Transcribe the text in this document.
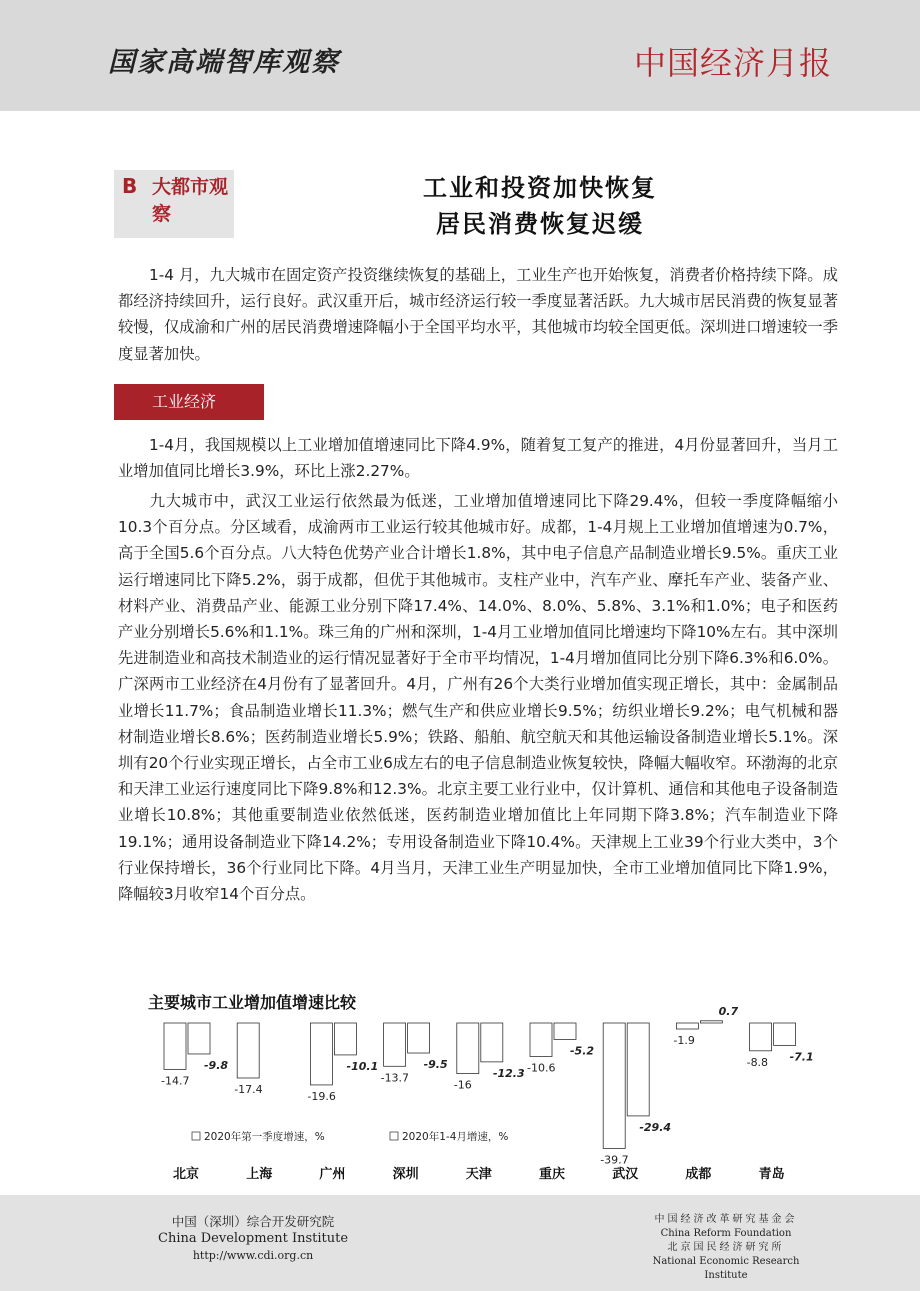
国家高端智库观察	中国经济月报
B 大都市观察
工业和投资加快恢复
居民消费恢复迟缓

1-4 月，九大城市在固定资产投资继续恢复的基础上，工业生产也开始恢复，消费者价格持续下降。成都经济持续回升，运行良好。武汉重开后，城市经济运行较一季度显著活跃。九大城市居民消费的恢复显著较慢，仅成渝和广州的居民消费增速降幅小于全国平均水平，其他城市均较全国更低。深圳进口增速较一季度显著加快。

工业经济

1-4月，我国规模以上工业增加值增速同比下降4.9%，随着复工复产的推进，4月份显著回升，当月工业增加值同比增长3.9%，环比上涨2.27%。

九大城市中，武汉工业运行依然最为低迷，工业增加值增速同比下降29.4%，但较一季度降幅缩小10.3个百分点。分区域看，成渝两市工业运行较其他城市好。成都，1-4月规上工业增加值增速为0.7%，高于全国5.6个百分点。八大特色优势产业合计增长1.8%，其中电子信息产品制造业增长9.5%。重庆工业运行增速同比下降5.2%，弱于成都，但优于其他城市。支柱产业中，汽车产业、摩托车产业、装备产业、材料产业、消费品产业、能源工业分别下降17.4%、14.0%、8.0%、5.8%、3.1%和1.0%；电子和医药产业分别增长5.6%和1.1%。珠三角的广州和深圳，1-4月工业增加值同比增速均下降10%左右。其中深圳先进制造业和高技术制造业的运行情况显著好于全市平均情况，1-4月增加值同比分别下降6.3%和6.0%。广深两市工业经济在4月份有了显著回升。4月，广州有26个大类行业增加值实现正增长，其中：金属制品业增长11.7%；食品制造业增长11.3%；燃气生产和供应业增长9.5%；纺织业增长9.2%；电气机械和器材制造业增长8.6%；医药制造业增长5.9%；铁路、船舶、航空航天和其他运输设备制造业增长5.1%。深圳有20个行业实现正增长，占全市工业6成左右的电子信息制造业恢复较快，降幅大幅收窄。环渤海的北京和天津工业运行速度同比下降9.8%和12.3%。北京主要工业行业中，仅计算机、通信和其他电子设备制造业增长10.8%；其他重要制造业依然低迷，医药制造业增加值比上年同期下降3.8%；汽车制造业下降19.1%；通用设备制造业下降14.2%；专用设备制造业下降10.4%。天津规上工业39个行业大类中，3个行业保持增长，36个行业同比下降。4月当月，天津工业生产明显加快，全市工业增加值同比下降1.9%，降幅较3月收窄14个百分点。

主要城市工业增加值增速比较
-14.7
-9.8
北京
-17.4
上海
-19.6
-10.1
广州
-13.7
-9.5
深圳
-16
-12.3
天津
-10.6
-5.2
重庆
-39.7
-29.4
武汉
-1.9
0.7
成都
-8.8 -7.1
青岛
2020年第一季度增速，%	2020年1-4月增速，%
中国（深圳）综合开发研究院
China Development Institute
http://www.cdi.org.cn
中国经济改革研究基金会
China Reform Foundation
北京国民经济研究所
National Economic Research Institute
